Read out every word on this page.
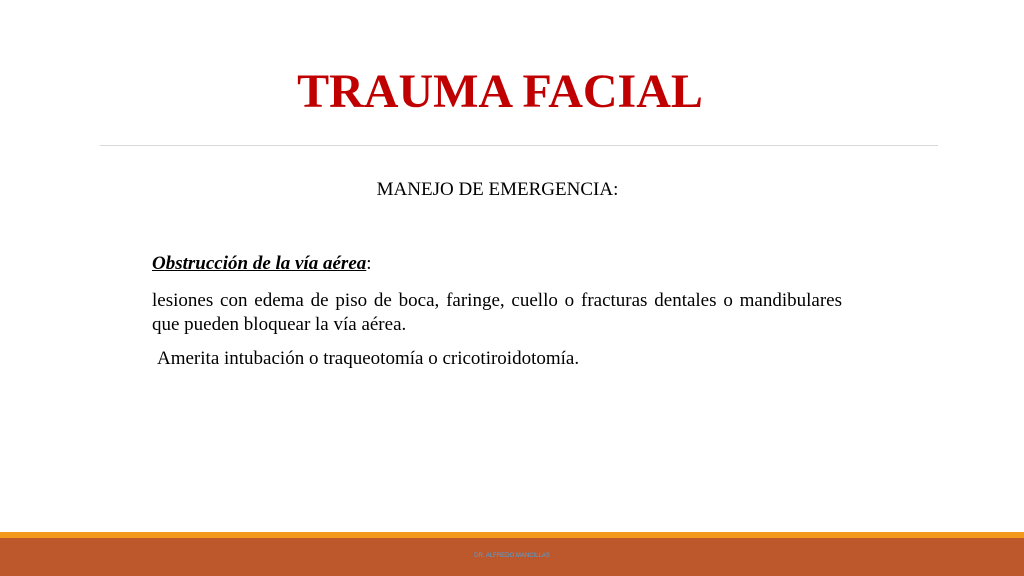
TRAUMA FACIAL
MANEJO DE EMERGENCIA:
Obstrucción de la vía aérea:
lesiones con edema de piso de boca, faringe, cuello o fracturas dentales o mandibulares que pueden bloquear la vía aérea.
Amerita intubación o traqueotomía o cricotiroidotomía.
DR. ALFREDO MANCILLAS
